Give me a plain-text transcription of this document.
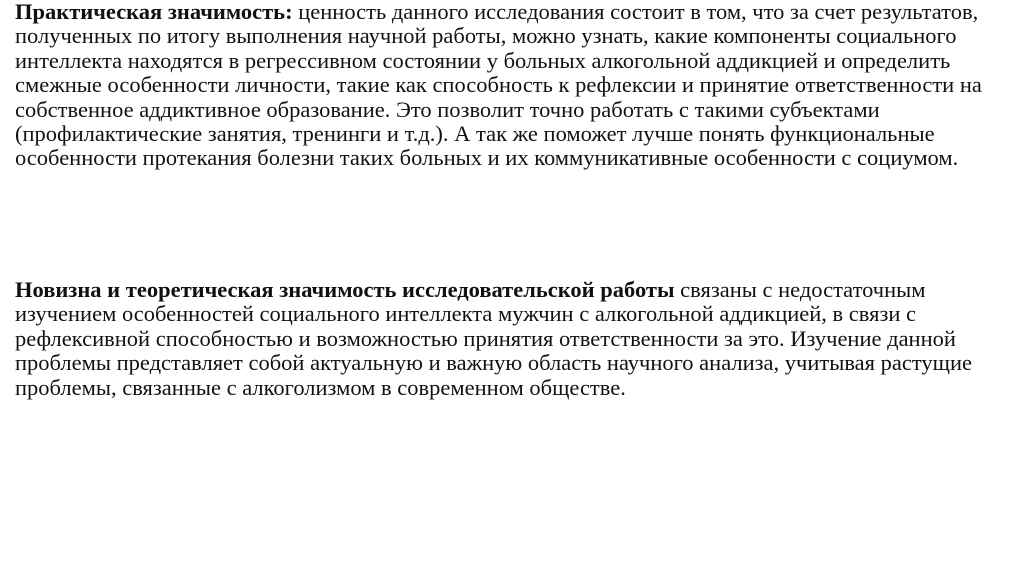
Практическая значимость: ценность данного исследования состоит в том, что за счет результатов, полученных по итогу выполнения научной работы, можно узнать, какие компоненты социального интеллекта находятся в регрессивном состоянии у больных алкогольной аддикцией и определить смежные особенности личности, такие как способность к рефлексии и принятие ответственности на собственное аддиктивное образование. Это позволит точно работать с такими субъектами (профилактические занятия, тренинги и т.д.). А так же поможет лучше понять функциональные особенности протекания болезни таких больных и их коммуникативные особенности с социумом.

Новизна и теоретическая значимость исследовательской работы связаны с недостаточным изучением особенностей социального интеллекта мужчин с алкогольной аддикцией, в связи с рефлексивной способностью и возможностью принятия ответственности за это. Изучение данной проблемы представляет собой актуальную и важную область научного анализа, учитывая растущие проблемы, связанные с алкоголизмом в современном обществе.
